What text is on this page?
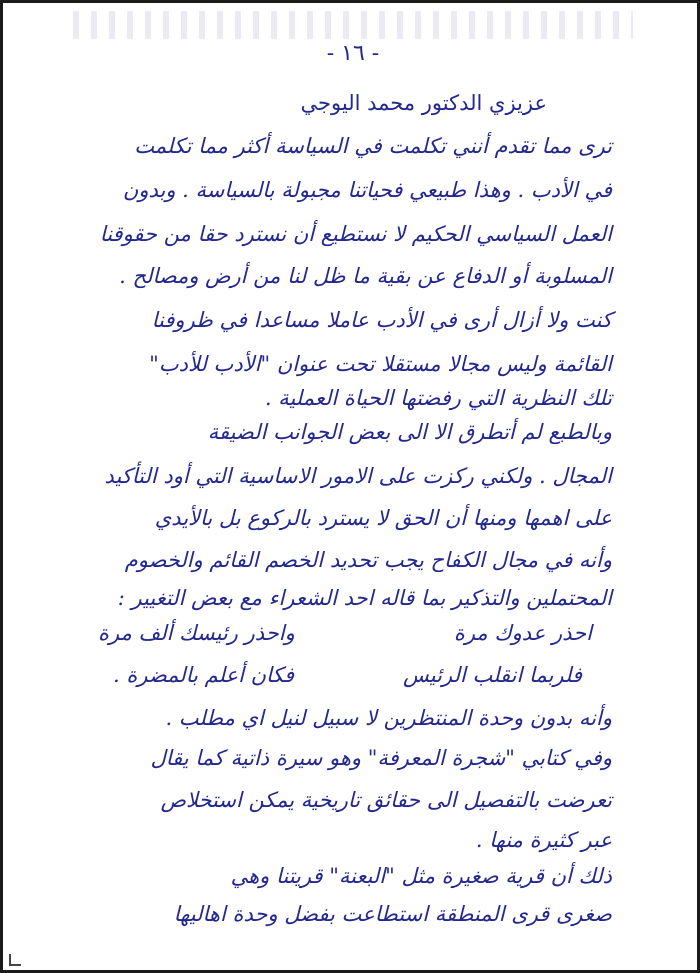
- ١٦ -
عزيزي الدكتور محمد اليوجي
ترى مما تقدم أنني تكلمت في السياسة أكثر مما تكلمت
في الأدب . وهذا طبيعي فحياتنا مجبولة بالسياسة . وبدون
العمل السياسي الحكيم لا نستطيع أن نسترد حقا من حقوقنا
المسلوبة أو الدفاع عن بقية ما ظل لنا من أرض ومصالح .
كنت ولا أزال أرى في الأدب عاملا مساعدا في ظروفنا
القائمة وليس مجالا مستقلا تحت عنوان "الأدب للأدب"
تلك النظرية التي رفضتها الحياة العملية .
وبالطبع لم أتطرق الا الى بعض الجوانب الضيقة
المجال . ولكني ركزت على الامور الاساسية التي أود التأكيد
على اهمها ومنها أن الحق لا يسترد بالركوع بل بالأيدي
وأنه في مجال الكفاح يجب تحديد الخصم القائم والخصوم
المحتملين والتذكير بما قاله احد الشعراء مع بعض التغيير :
احذر عدوك مرة
واحذر رئيسك ألف مرة
فلربما انقلب الرئيس
فكان أعلم بالمضرة .
وأنه بدون وحدة المنتظرين لا سبيل لنيل اي مطلب .
وفي كتابي "شجرة المعرفة" وهو سيرة ذاتية كما يقال
تعرضت بالتفصيل الى حقائق تاريخية يمكن استخلاص
عبر كثيرة منها .
ذلك أن قرية صغيرة مثل "البعنة" قريتنا وهي
صغرى قرى المنطقة استطاعت بفضل وحدة اهاليها
